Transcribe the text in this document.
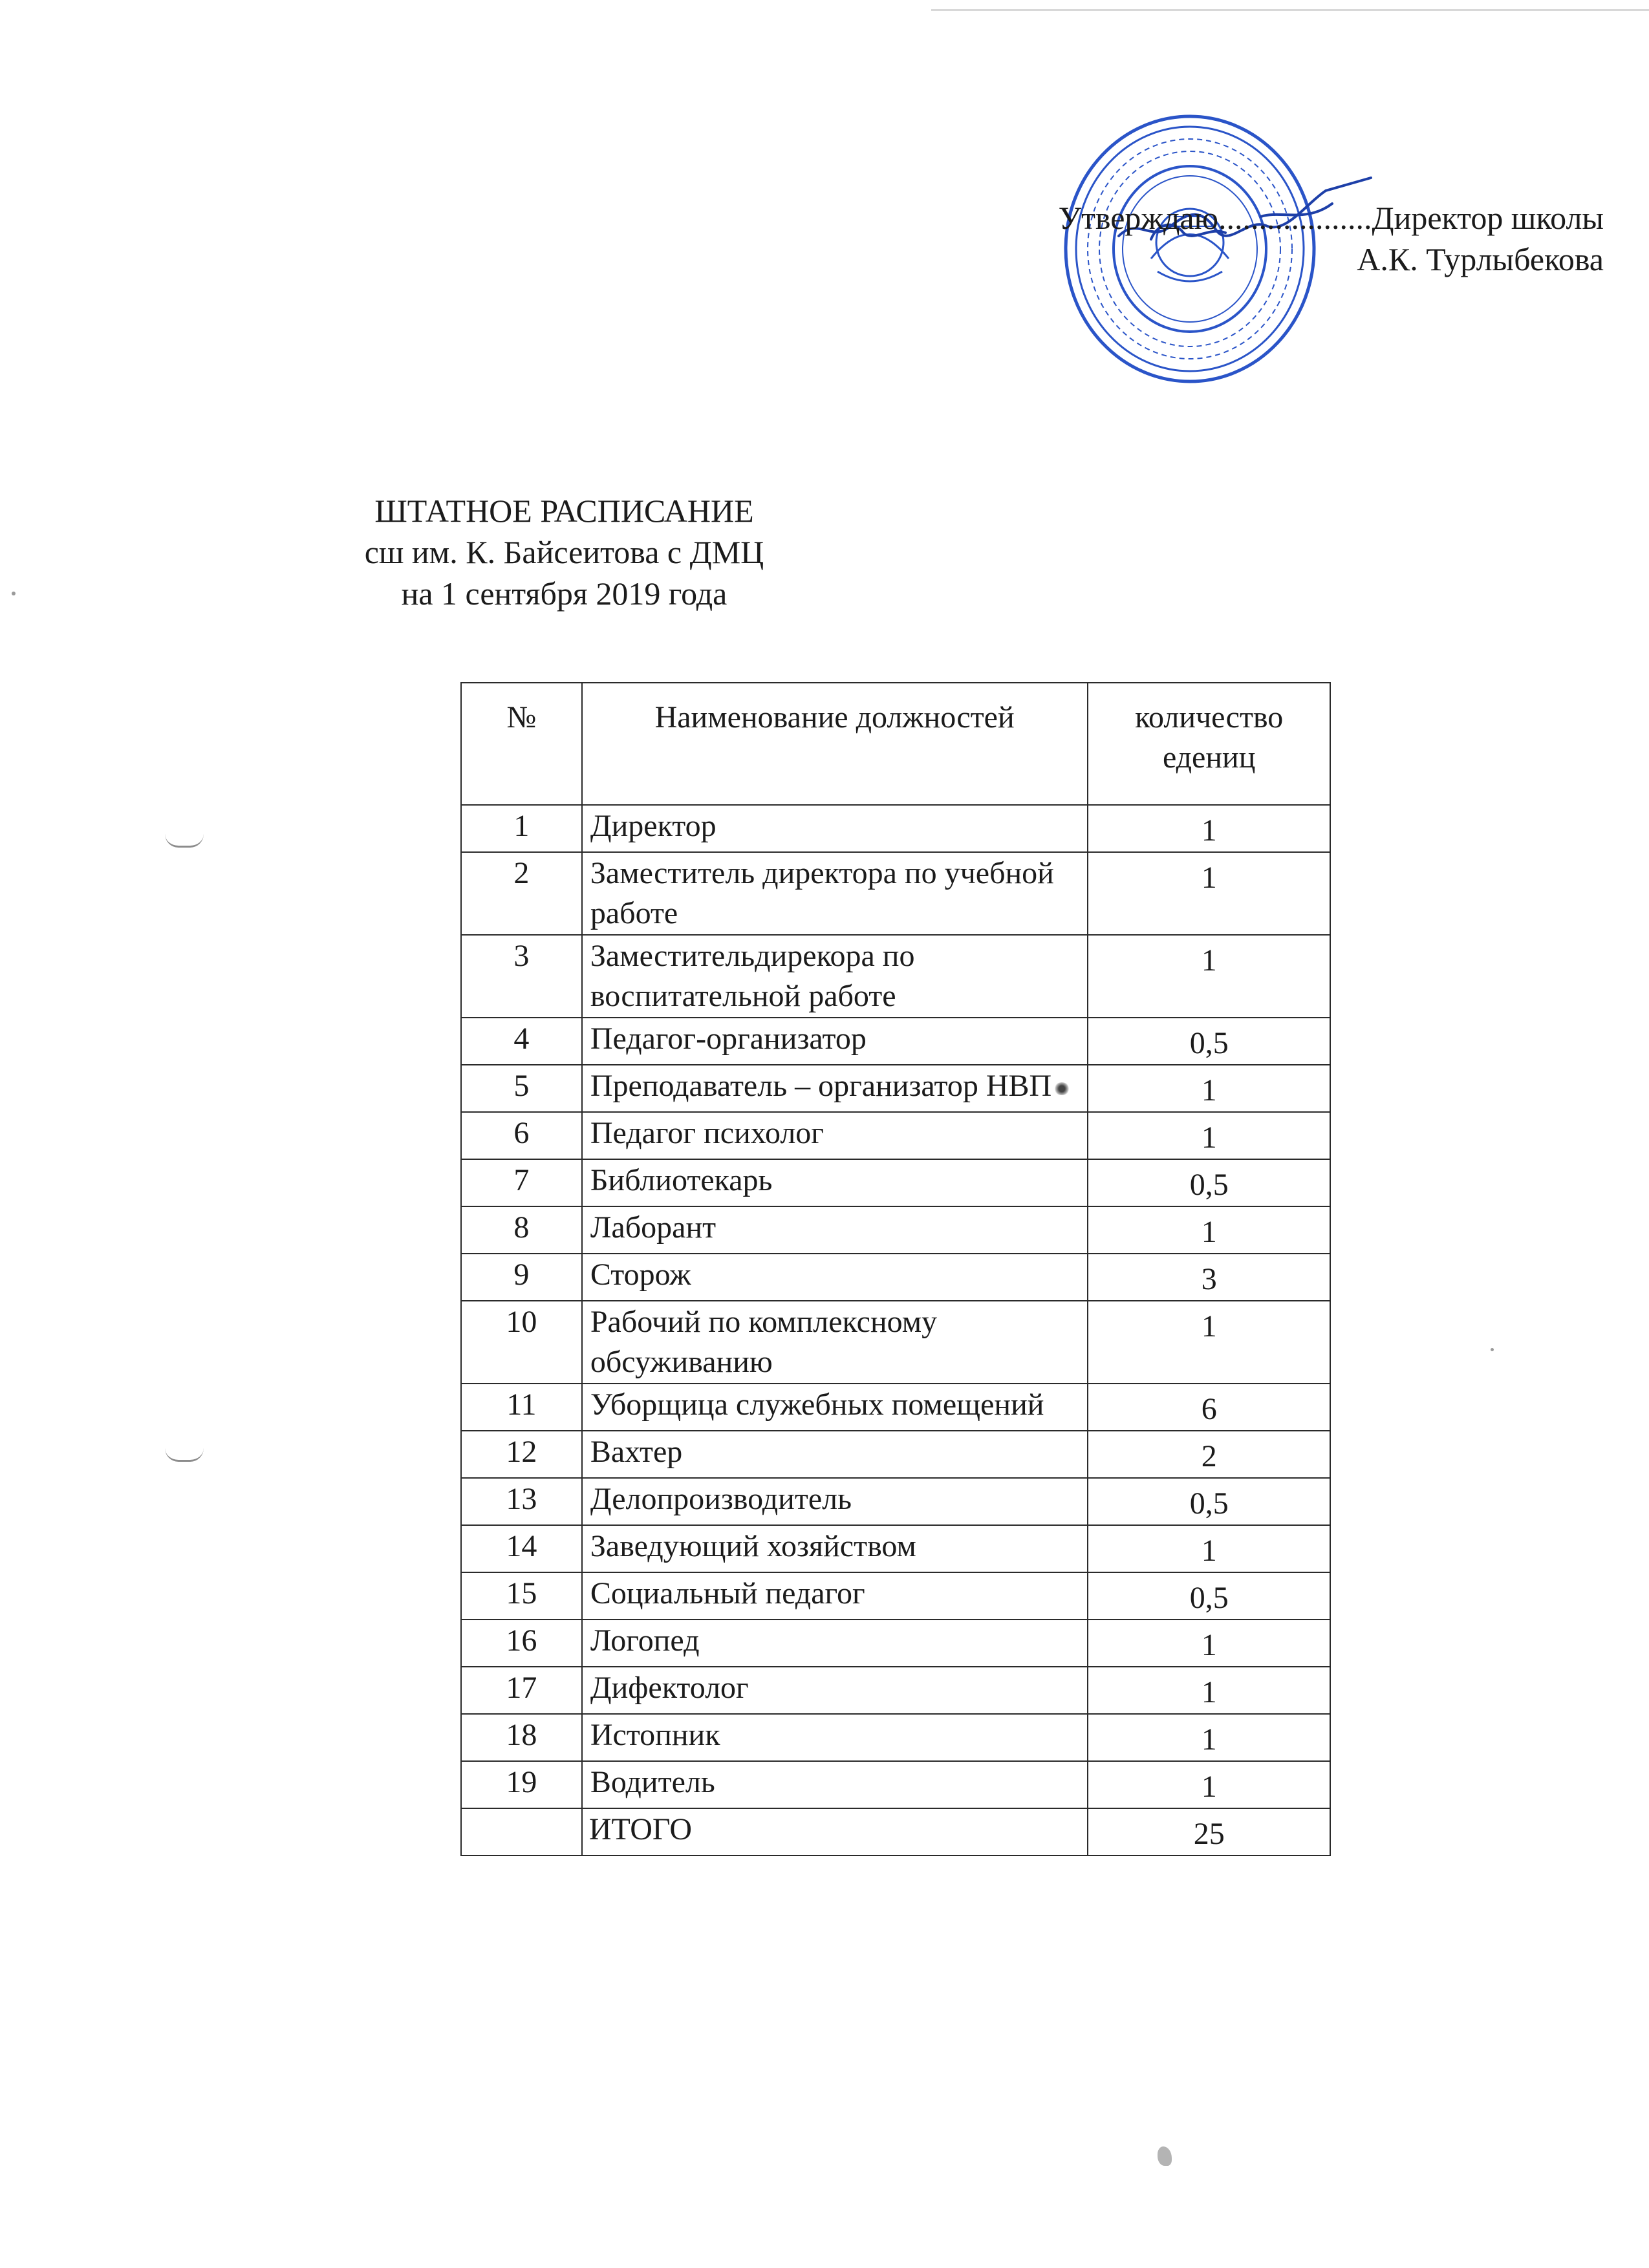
Утверждаю...................Директор школы
А.К. Турлыбекова
ШТАТНОЕ РАСПИСАНИЕ
сш им. К. Байсеитова с ДМЦ
на 1 сентября 2019 года
№	Наименование должностей	количество
едениц

1	Директор	1
2	Заместитель директора по учебной работе	1
3	Заместительдирекора по воспитательной работе	1
4	Педагог-организатор	0,5
5	Преподаватель – организатор НВП	1
6	Педагог психолог	1
7	Библиотекарь	0,5
8	Лаборант	1
9	Сторож	3
10	Рабочий по комплексному обсуживанию	1
11	Уборщица служебных помещений	6
12	Вахтер	2
13	Делопроизводитель	0,5
14	Заведующий хозяйством	1
15	Социальный педагог	0,5
16	Логопед	1
17	Дифектолог	1
18	Истопник	1
19	Водитель	1
	ИТОГО	25
